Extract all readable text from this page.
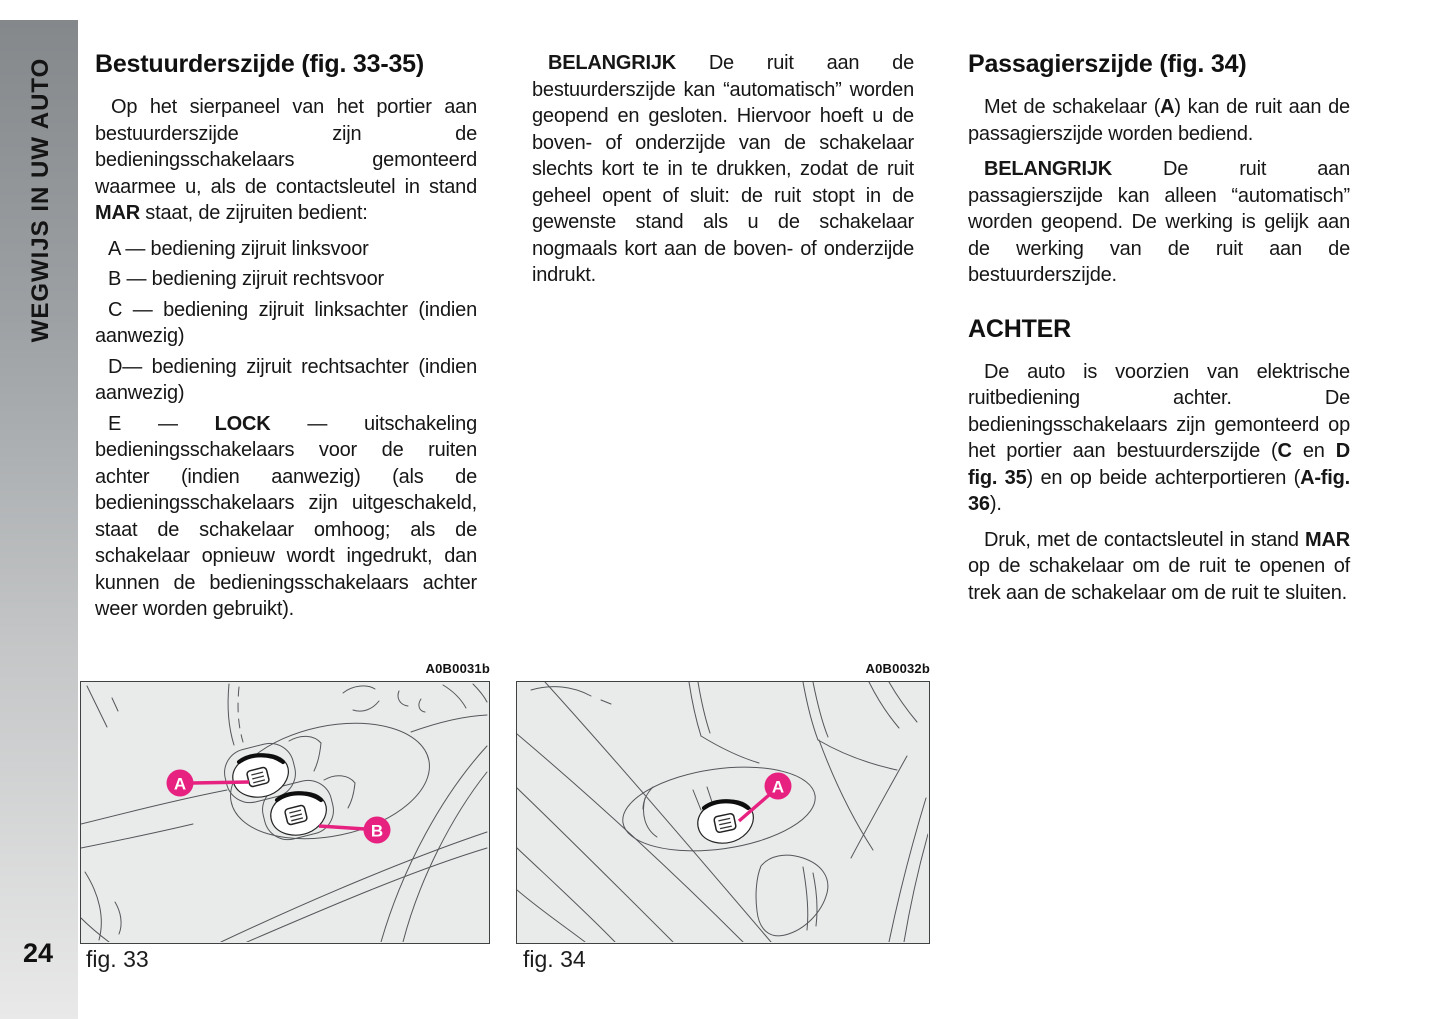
WEGWIJS IN UW AUTO
24
Bestuurderszijde (fig. 33-35)

Op het sierpaneel van het portier aan bestuurderszijde zijn de bedieningsschakelaars gemonteerd waarmee u, als de contactsleutel in stand MAR staat, de zijruiten bedient:

A — bediening zijruit linksvoor

B — bediening zijruit rechtsvoor

C — bediening zijruit linksachter (indien aanwezig)

D— bediening zijruit rechtsachter (indien aanwezig)

E — LOCK — uitschakeling bedieningsschakelaars voor de ruiten achter (indien aanwezig) (als de bedieningsschakelaars zijn uitgeschakeld, staat de schakelaar omhoog; als de schakelaar opnieuw wordt ingedrukt, dan kunnen de bedieningsschakelaars achter weer worden gebruikt).

BELANGRIJK De ruit aan de bestuurderszijde kan “automatisch” worden geopend en gesloten. Hiervoor hoeft u de boven- of onderzijde van de schakelaar slechts kort te in te drukken, zodat de ruit geheel opent of sluit: de ruit stopt in de gewenste stand als u de schakelaar nogmaals kort aan de boven- of onderzijde indrukt.

Passagierszijde (fig. 34)

Met de schakelaar (A) kan de ruit aan de passagierszijde worden bediend.

BELANGRIJK De ruit aan passagierszijde kan alleen “automatisch” worden geopend. De werking is gelijk aan de werking van de ruit aan de bestuurderszijde.

ACHTER

De auto is voorzien van elektrische ruitbediening achter. De bedieningsschakelaars zijn gemonteerd op het portier aan bestuurderszijde (C en D fig. 35) en op beide achterportieren (A-fig. 36).

Druk, met de contactsleutel in stand MAR op de schakelaar om de ruit te openen of trek aan de schakelaar om de ruit te sluiten.

A0B0031b
A
B
fig. 33
A0B0032b
A
fig. 34
